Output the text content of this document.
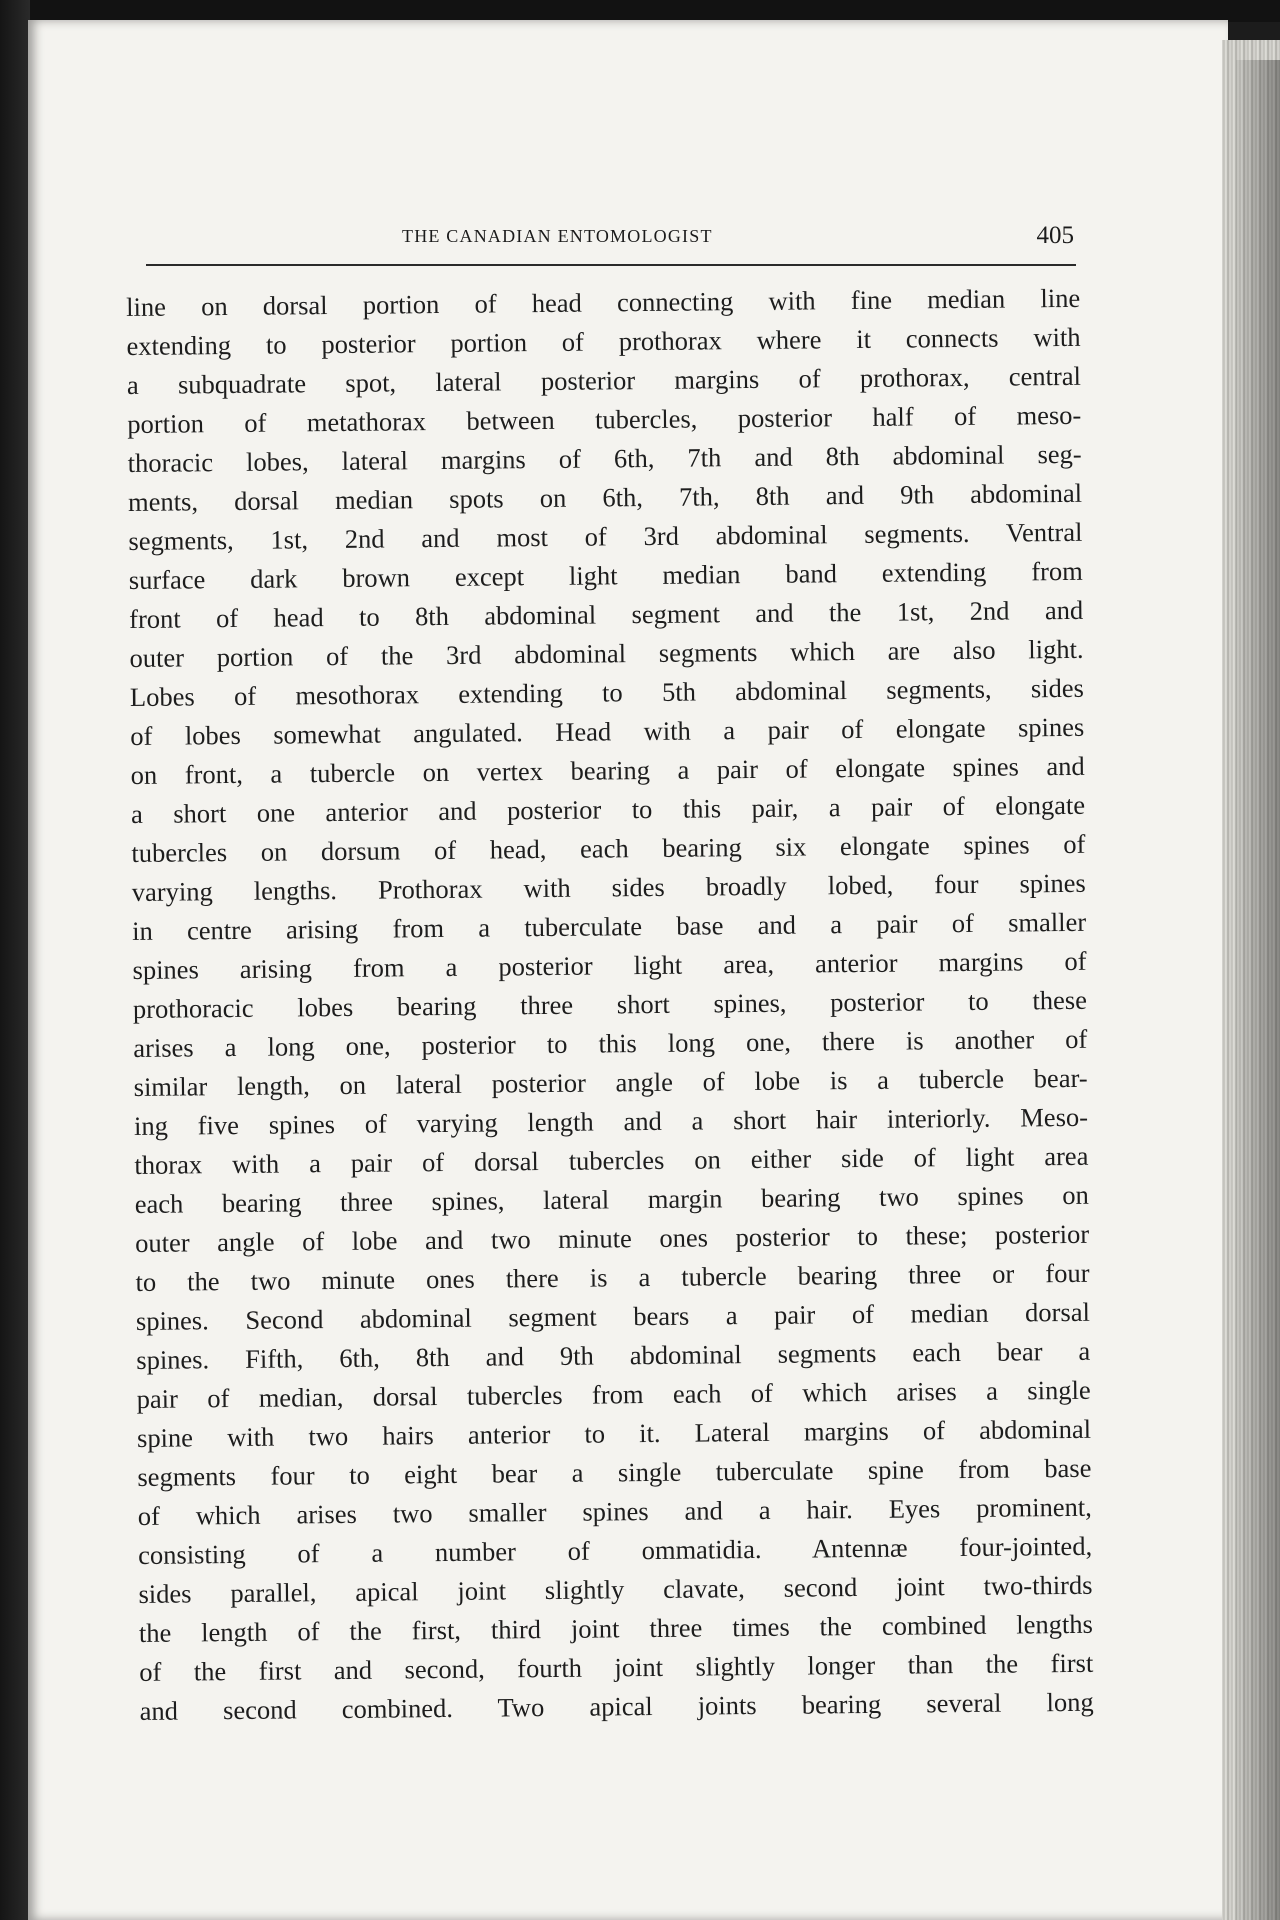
THE CANADIAN ENTOMOLOGIST	405
line on dorsal portion of head connecting with fine median line
extending to posterior portion of prothorax where it connects with
a subquadrate spot, lateral posterior margins of prothorax, central
portion of metathorax between tubercles, posterior half of meso-
thoracic lobes, lateral margins of 6th, 7th and 8th abdominal seg-
ments, dorsal median spots on 6th, 7th, 8th and 9th abdominal
segments, 1st, 2nd and most of 3rd abdominal segments. Ventral
surface dark brown except light median band extending from
front of head to 8th abdominal segment and the 1st, 2nd and
outer portion of the 3rd abdominal segments which are also light.
Lobes of mesothorax extending to 5th abdominal segments, sides
of lobes somewhat angulated. Head with a pair of elongate spines
on front, a tubercle on vertex bearing a pair of elongate spines and
a short one anterior and posterior to this pair, a pair of elongate
tubercles on dorsum of head, each bearing six elongate spines of
varying lengths. Prothorax with sides broadly lobed, four spines
in centre arising from a tuberculate base and a pair of smaller
spines arising from a posterior light area, anterior margins of
prothoracic lobes bearing three short spines, posterior to these
arises a long one, posterior to this long one, there is another of
similar length, on lateral posterior angle of lobe is a tubercle bear-
ing five spines of varying length and a short hair interiorly. Meso-
thorax with a pair of dorsal tubercles on either side of light area
each bearing three spines, lateral margin bearing two spines on
outer angle of lobe and two minute ones posterior to these; posterior
to the two minute ones there is a tubercle bearing three or four
spines. Second abdominal segment bears a pair of median dorsal
spines. Fifth, 6th, 8th and 9th abdominal segments each bear a
pair of median, dorsal tubercles from each of which arises a single
spine with two hairs anterior to it. Lateral margins of abdominal
segments four to eight bear a single tuberculate spine from base
of which arises two smaller spines and a hair. Eyes prominent,
consisting of a number of ommatidia. Antennæ four-jointed,
sides parallel, apical joint slightly clavate, second joint two-thirds
the length of the first, third joint three times the combined lengths
of the first and second, fourth joint slightly longer than the first
and second combined. Two apical joints bearing several long
